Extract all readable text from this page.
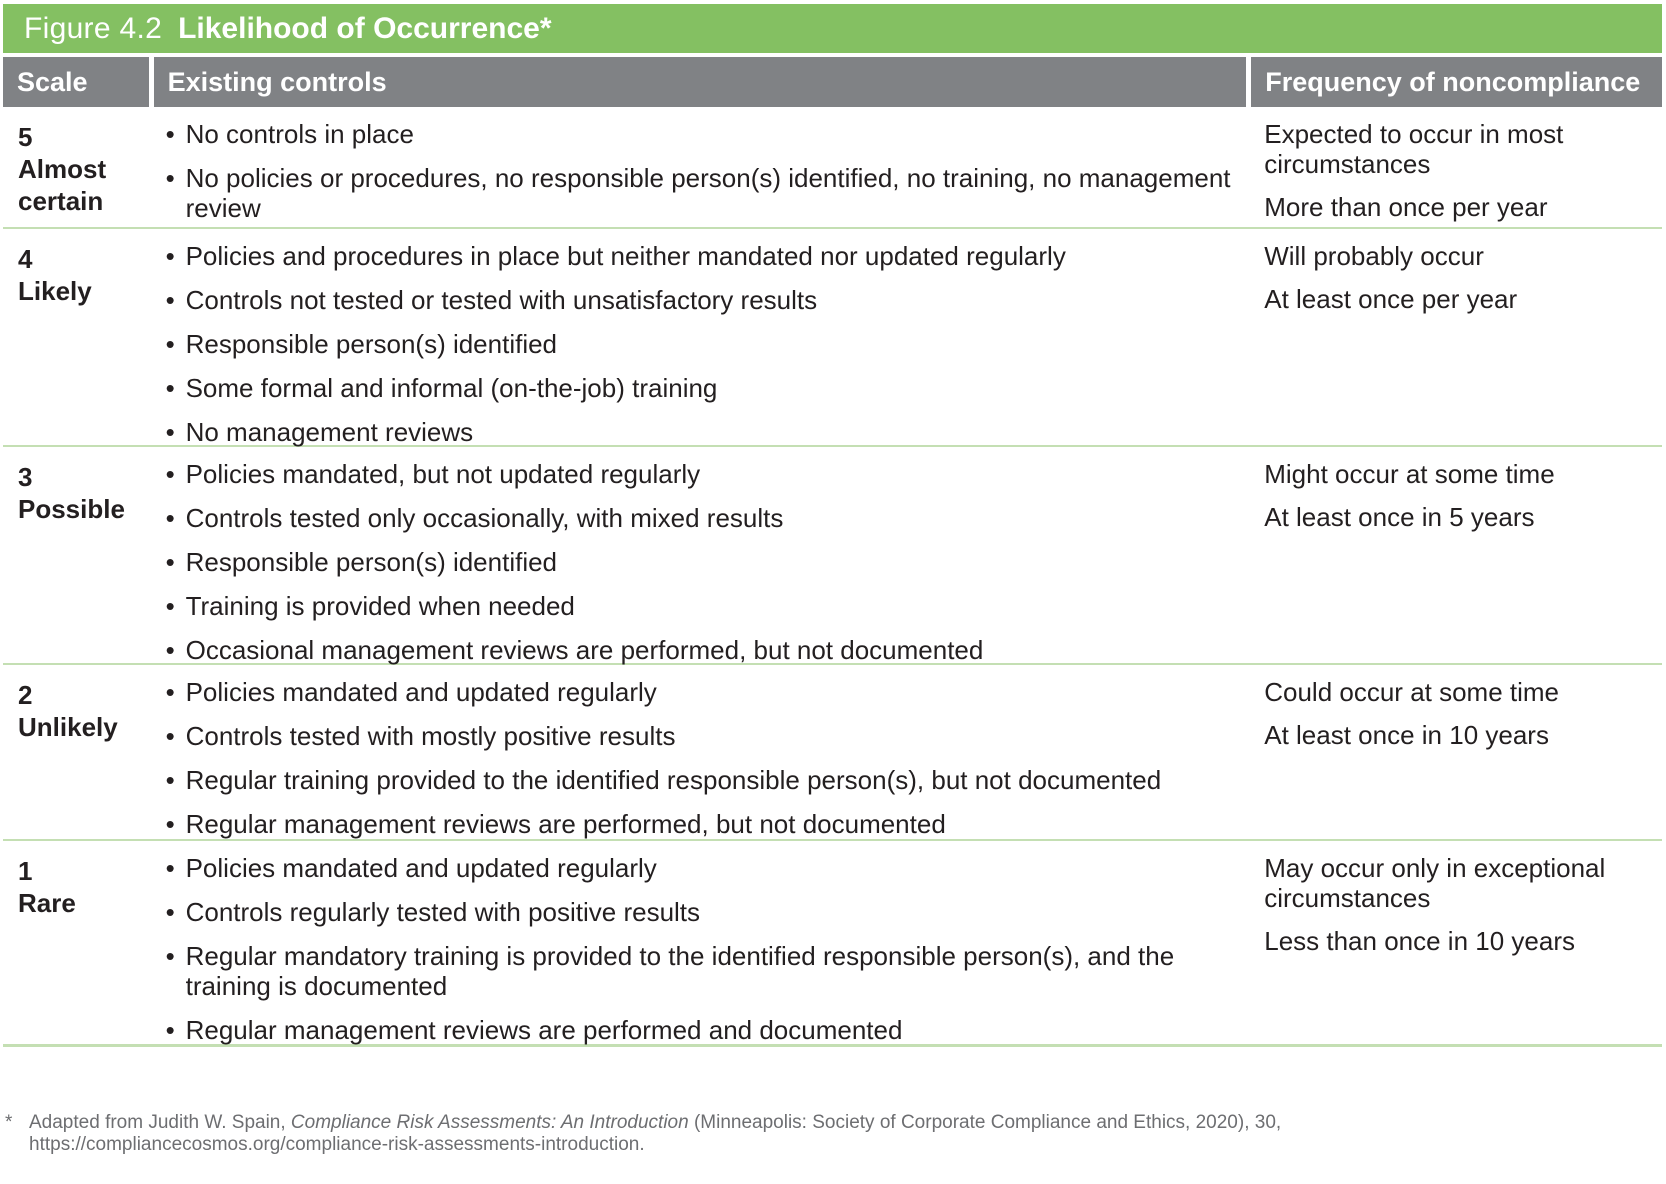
Figure 4.2 Likelihood of Occurrence*
Scale	Existing controls	Frequency of noncompliance
5
Almost certain
• No controls in place
• No policies or procedures, no responsible person(s) identified, no training, no management review

Expected to occur in most circumstances

More than once per year

4
Likely
• Policies and procedures in place but neither mandated nor updated regularly
• Controls not tested or tested with unsatisfactory results
• Responsible person(s) identified
• Some formal and informal (on-the-job) training
• No management reviews

Will probably occur

At least once per year

3
Possible
• Policies mandated, but not updated regularly
• Controls tested only occasionally, with mixed results
• Responsible person(s) identified
• Training is provided when needed
• Occasional management reviews are performed, but not documented

Might occur at some time

At least once in 5 years

2
Unlikely
• Policies mandated and updated regularly
• Controls tested with mostly positive results
• Regular training provided to the identified responsible person(s), but not documented
• Regular management reviews are performed, but not documented

Could occur at some time

At least once in 10 years

1
Rare
• Policies mandated and updated regularly
• Controls regularly tested with positive results
• Regular mandatory training is provided to the identified responsible person(s), and the training is documented
• Regular management reviews are performed and documented

May occur only in exceptional circumstances

Less than once in 10 years

* Adapted from Judith W. Spain, Compliance Risk Assessments: An Introduction (Minneapolis: Society of Corporate Compliance and Ethics, 2020), 30, https://compliancecosmos.org/compliance-risk-assessments-introduction.
